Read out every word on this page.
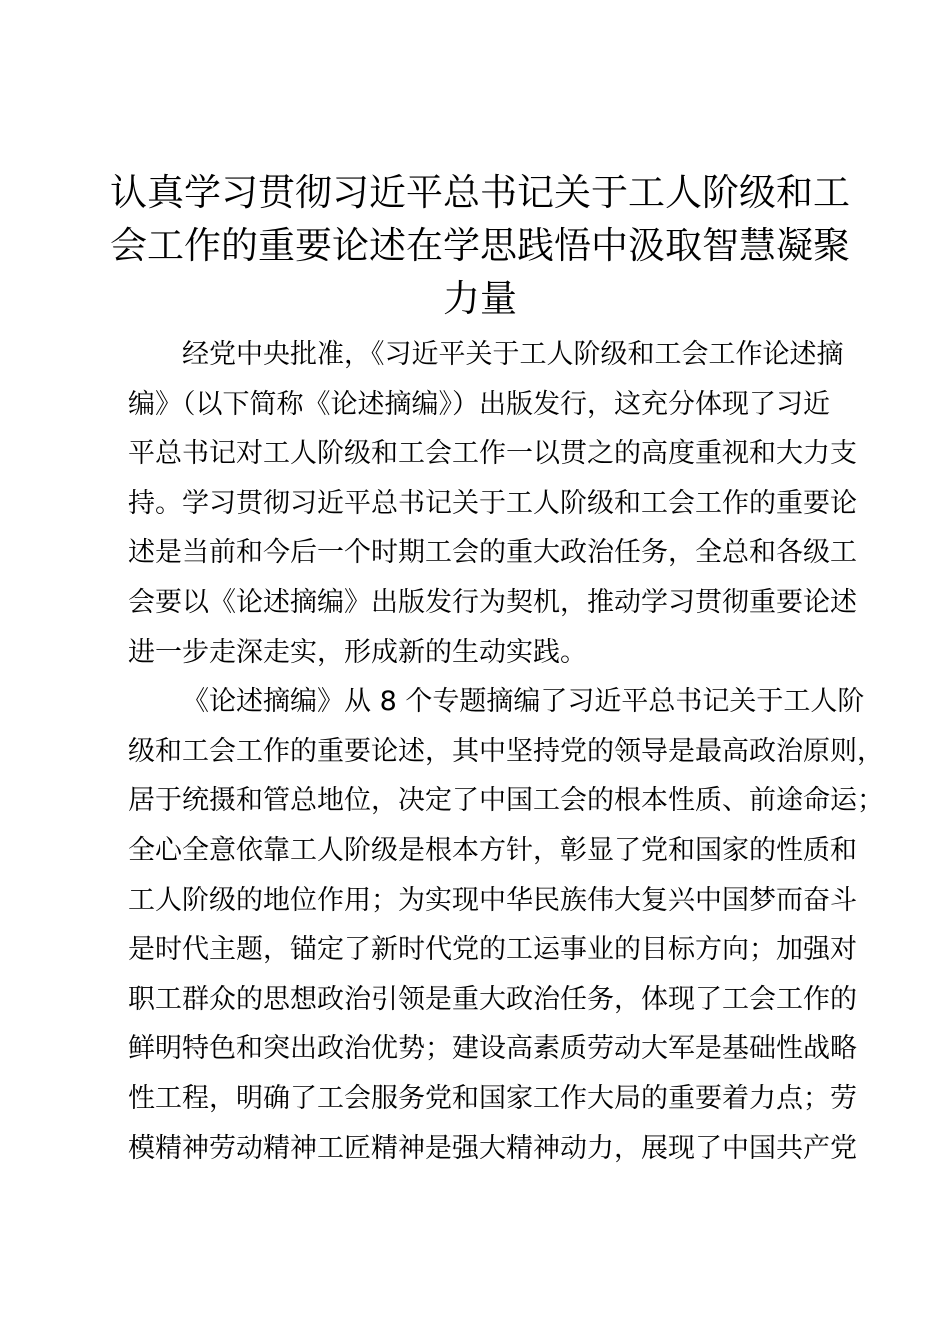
认真学习贯彻习近平总书记关于工人阶级和工
会工作的重要论述在学思践悟中汲取智慧凝聚
力量
经党中央批准，《习近平关于工人阶级和工会工作论述摘
编》（以下简称《论述摘编》）出版发行，这充分体现了习近
平总书记对工人阶级和工会工作一以贯之的高度重视和大力支
持。学习贯彻习近平总书记关于工人阶级和工会工作的重要论
述是当前和今后一个时期工会的重大政治任务，全总和各级工
会要以《论述摘编》出版发行为契机，推动学习贯彻重要论述
进一步走深走实，形成新的生动实践。
《论述摘编》从 8 个专题摘编了习近平总书记关于工人阶
级和工会工作的重要论述，其中坚持党的领导是最高政治原则，
居于统摄和管总地位，决定了中国工会的根本性质、前途命运；
全心全意依靠工人阶级是根本方针，彰显了党和国家的性质和
工人阶级的地位作用；为实现中华民族伟大复兴中国梦而奋斗
是时代主题，锚定了新时代党的工运事业的目标方向；加强对
职工群众的思想政治引领是重大政治任务，体现了工会工作的
鲜明特色和突出政治优势；建设高素质劳动大军是基础性战略
性工程，明确了工会服务党和国家工作大局的重要着力点；劳
模精神劳动精神工匠精神是强大精神动力，展现了中国共产党
